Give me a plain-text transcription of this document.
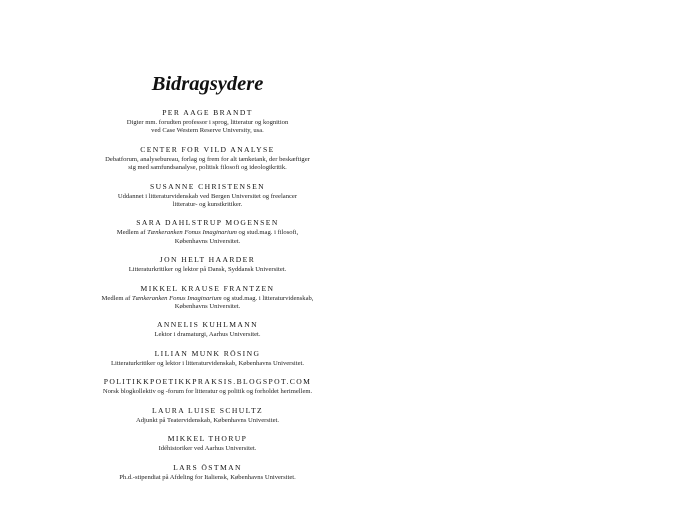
Bidragsydere
PER AAGE BRANDT
Digter mm. forudten professor i sprog, litteratur og kognition
ved Case Western Reserve University, usa.
CENTER FOR VILD ANALYSE
Debatforum, analysebureau, forlag og frem for alt tænketank, der beskæftiger
sig med samfundsanalyse, politisk filosofi og ideologikritik.
SUSANNE CHRISTENSEN
Uddannet i litteraturvidenskab ved Bergen Universitet og freelancer
litteratur- og kunstkritiker.
SARA DAHLSTRUP MOGENSEN
Medlem af Tænkeranken Fonus Imaginarium og stud.mag. i filosofi,
Københavns Universitet.
JON HELT HAARDER
Litteraturkritiker og lektor på Dansk, Syddansk Universitet.
MIKKEL KRAUSE FRANTZEN
Medlem af Tænkeranken Fonus Imaginarium og stud.mag. i litteraturvidenskab,
Københavns Universitet.
ANNELIS KUHLMANN
Lektor i dramaturgi, Aarhus Universitet.
LILIAN MUNK RÖSING
Litteraturkritiker og lektor i litteraturvidenskab, Københavns Universitet.
POLITIKKPOETIKKPRAKSIS.BLOGSPOT.COM
Norsk blogkollektiv og -forum for litteratur og politik og forholdet herimellem.
LAURA LUISE SCHULTZ
Adjunkt på Teatervidenskab, Københavns Universitet.
MIKKEL THORUP
Idéhistoriker ved Aarhus Universitet.
LARS ÖSTMAN
Ph.d.-stipendiat på Afdeling for Italiensk, Københavns Universitet.
